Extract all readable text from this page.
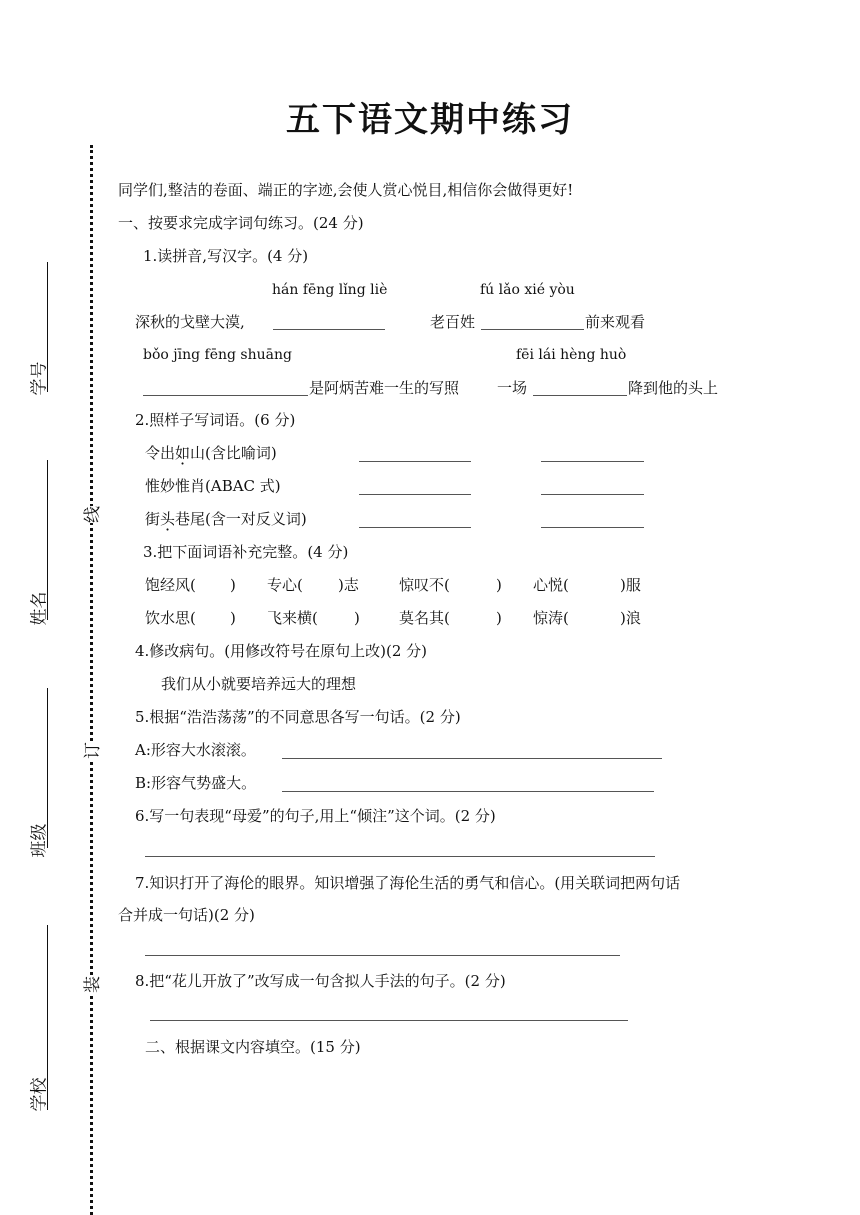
五下语文期中练习
学号
姓名
班级
学校
线
订
装
同学们,整洁的卷面、端正的字迹,会使人赏心悦目,相信你会做得更好!
一、按要求完成字词句练习。(24 分)
1.读拼音,写汉字。(4 分)
hán fēng lǐng liè	fú lǎo xié yòu
深秋的戈壁大漠,	老百姓	前来观看
bǒo jīng fēng shuāng	fēi lái hèng huò
是阿炳苦难一生的写照	一场	降到他的头上
2.照样子写词语。(6 分)
令出如山(含比喻词)
惟妙惟肖(ABAC 式)
街头巷尾(含一对反义词)
3.把下面词语补充完整。(4 分)
饱经风( ) 专心( )志	惊叹不(	) 心悦(	)服
饮水思( ) 飞来横( )	莫名其(	) 惊涛(	)浪
4.修改病句。(用修改符号在原句上改)(2 分)
我们从小就要培养远大的理想
5.根据“浩浩荡荡”的不同意思各写一句话。(2 分)
A:形容大水滚滚。
B:形容气势盛大。
6.写一句表现“母爱”的句子,用上“倾注”这个词。(2 分)
7.知识打开了海伦的眼界。知识增强了海伦生活的勇气和信心。(用关联词把两句话
合并成一句话)(2 分)
8.把“花儿开放了”改写成一句含拟人手法的句子。(2 分)
二、根据课文内容填空。(15 分)
